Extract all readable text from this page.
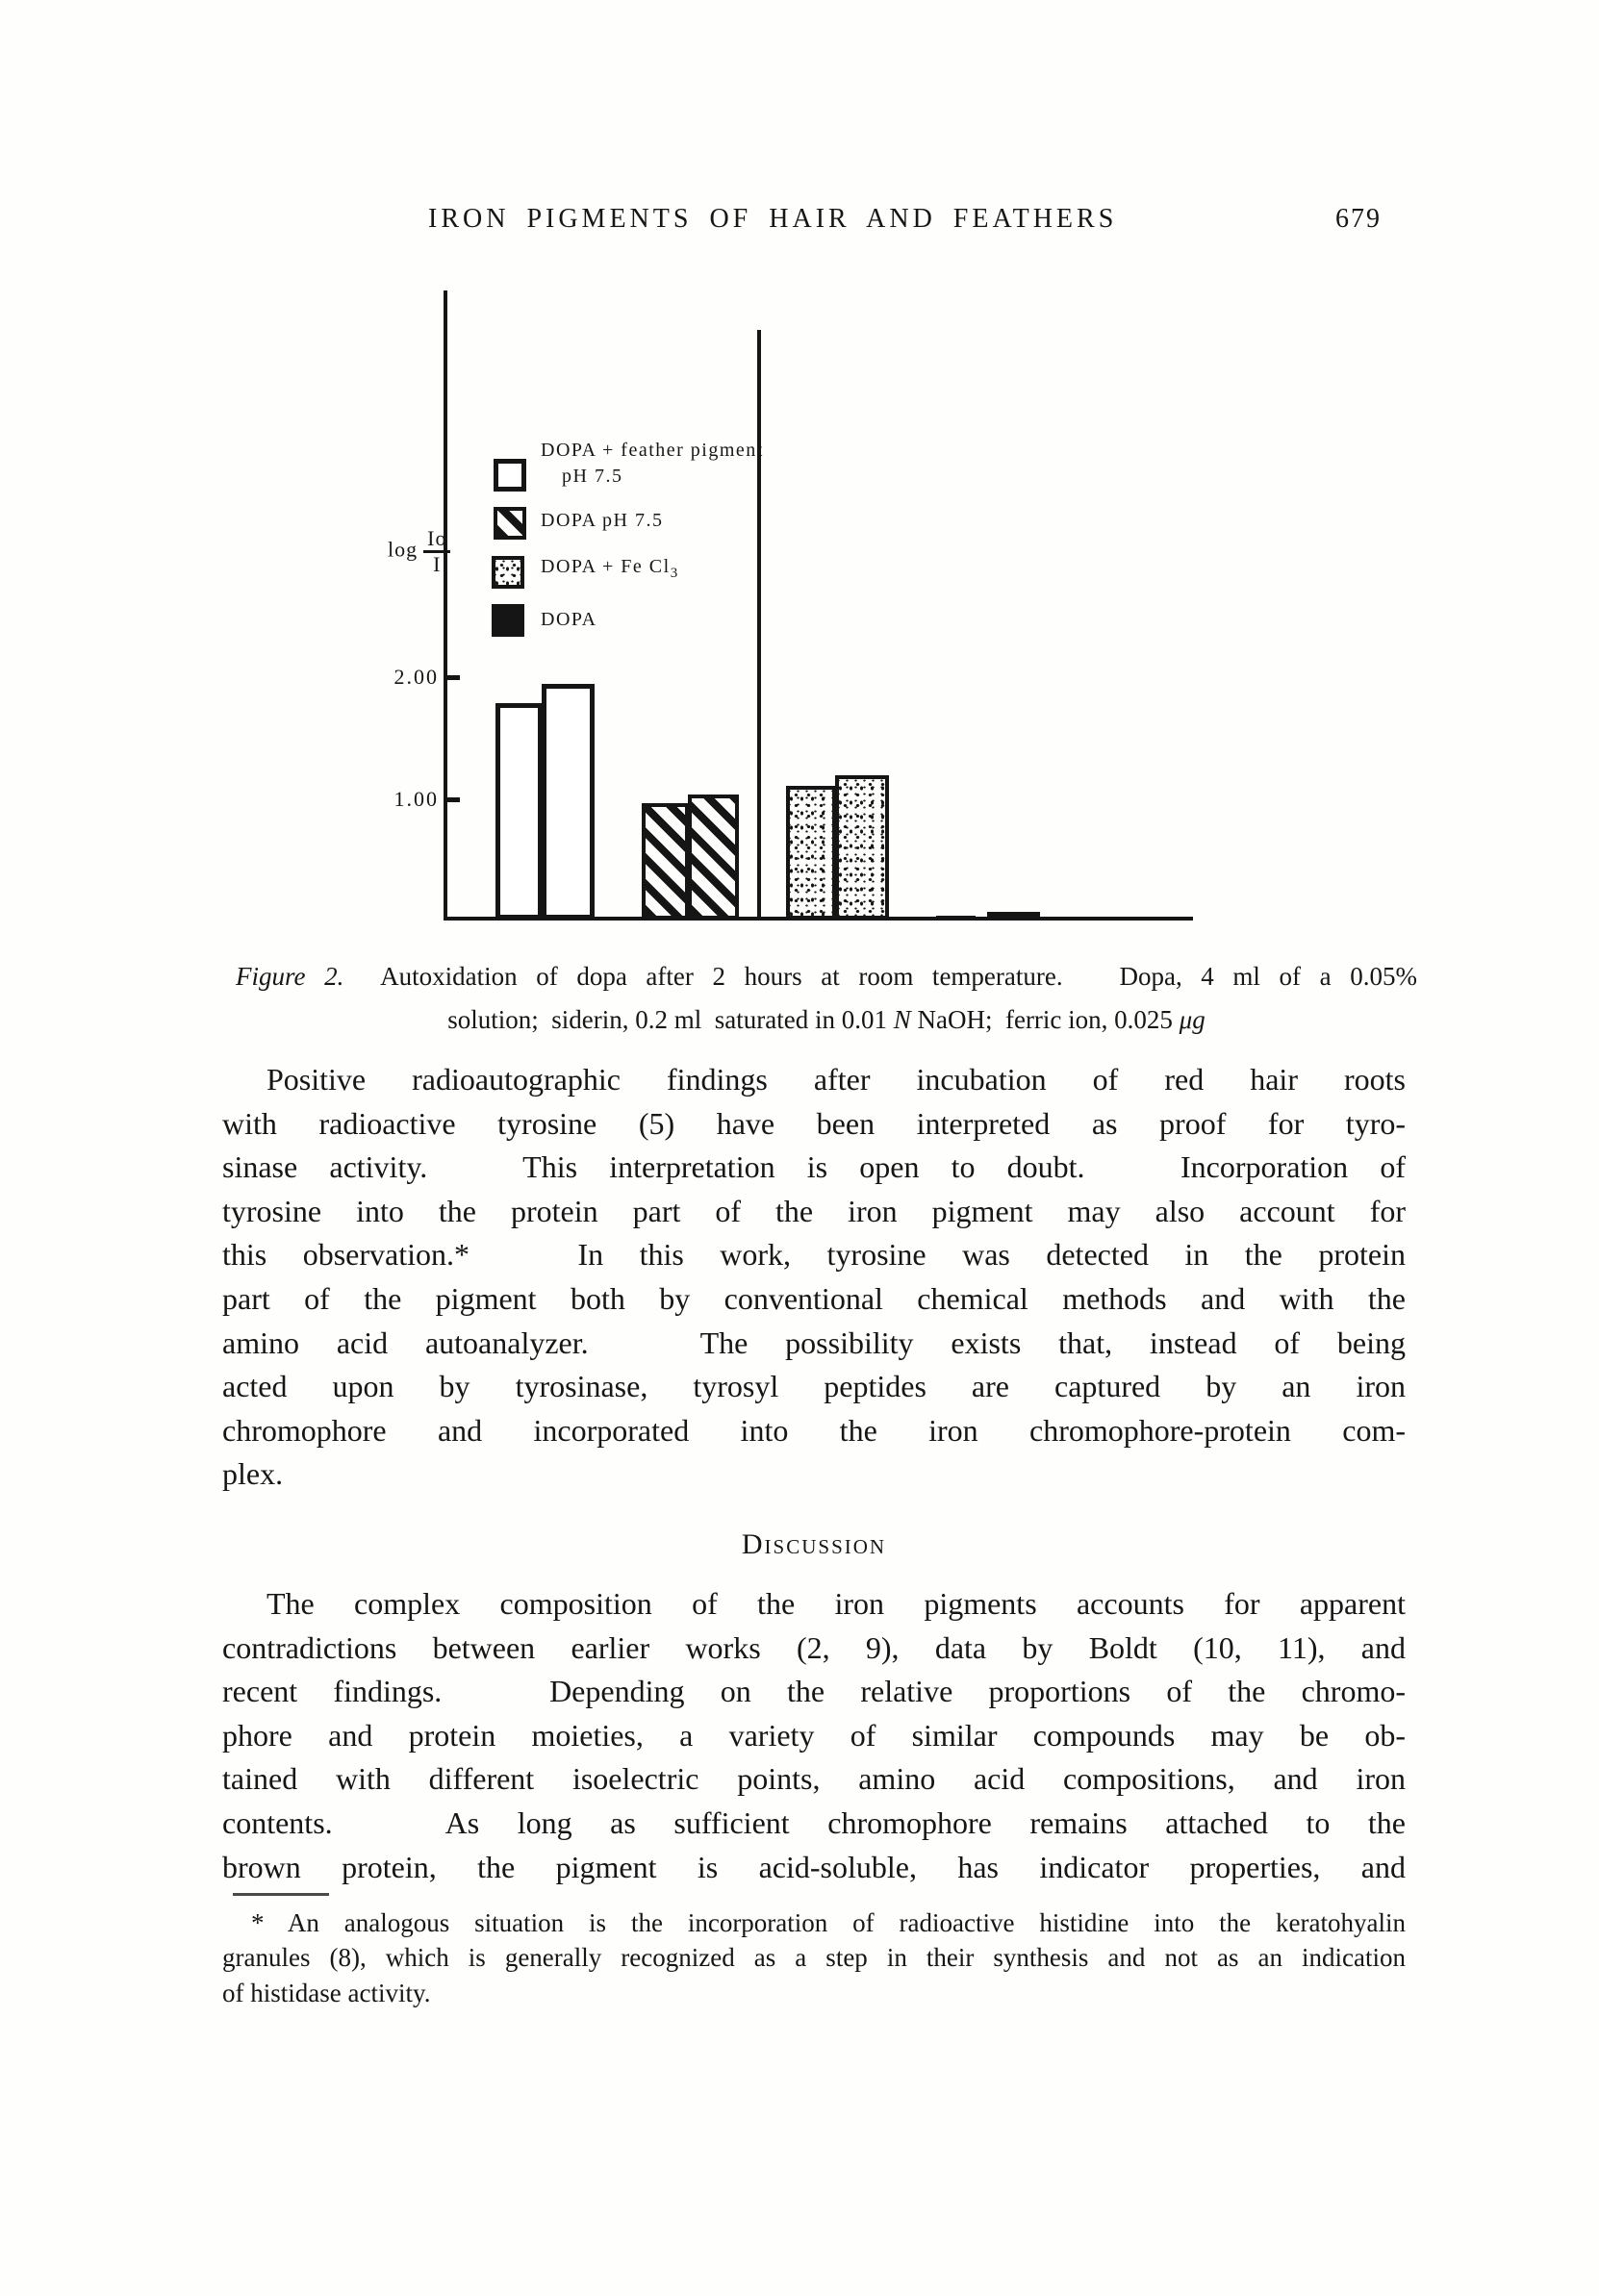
IRON PIGMENTS OF HAIR AND FEATHERS	679
$\log \frac{Io}{I}$
2.00
1.00
DOPA + feather pigment
pH 7.5
DOPA pH 7.5
DOPA + Fe $Cl_3$
DOPA
Figure 2.  Autoxidation of dopa after 2 hours at room temperature.   Dopa, 4 ml of a 0.05%
solution;  siderin, 0.2 ml  saturated in 0.01 N NaOH;  ferric ion, 0.025 μg
Positive radioautographic findings after incubation of red hair roots
with radioactive tyrosine (5) have been interpreted as proof for tyro-
sinase activity.   This interpretation is open to doubt.   Incorporation of
tyrosine into the protein part of the iron pigment may also account for
this observation.*   In this work, tyrosine was detected in the protein
part of the pigment both by conventional chemical methods and with the
amino acid autoanalyzer.   The possibility exists that, instead of being
acted upon by tyrosinase, tyrosyl peptides are captured by an iron
chromophore and incorporated into the iron chromophore-protein com-
plex.
Discussion
The complex composition of the iron pigments accounts for apparent
contradictions between earlier works (2, 9), data by Boldt (10, 11), and
recent findings.   Depending on the relative proportions of the chromo-
phore and protein moieties, a variety of similar compounds may be ob-
tained with different isoelectric points, amino acid compositions, and iron
contents.   As long as sufficient chromophore remains attached to the
brown protein, the pigment is acid-soluble, has indicator properties, and
* An analogous situation is the incorporation of radioactive histidine into the keratohyalin
granules (8), which is generally recognized as a step in their synthesis and not as an indication
of histidase activity.
